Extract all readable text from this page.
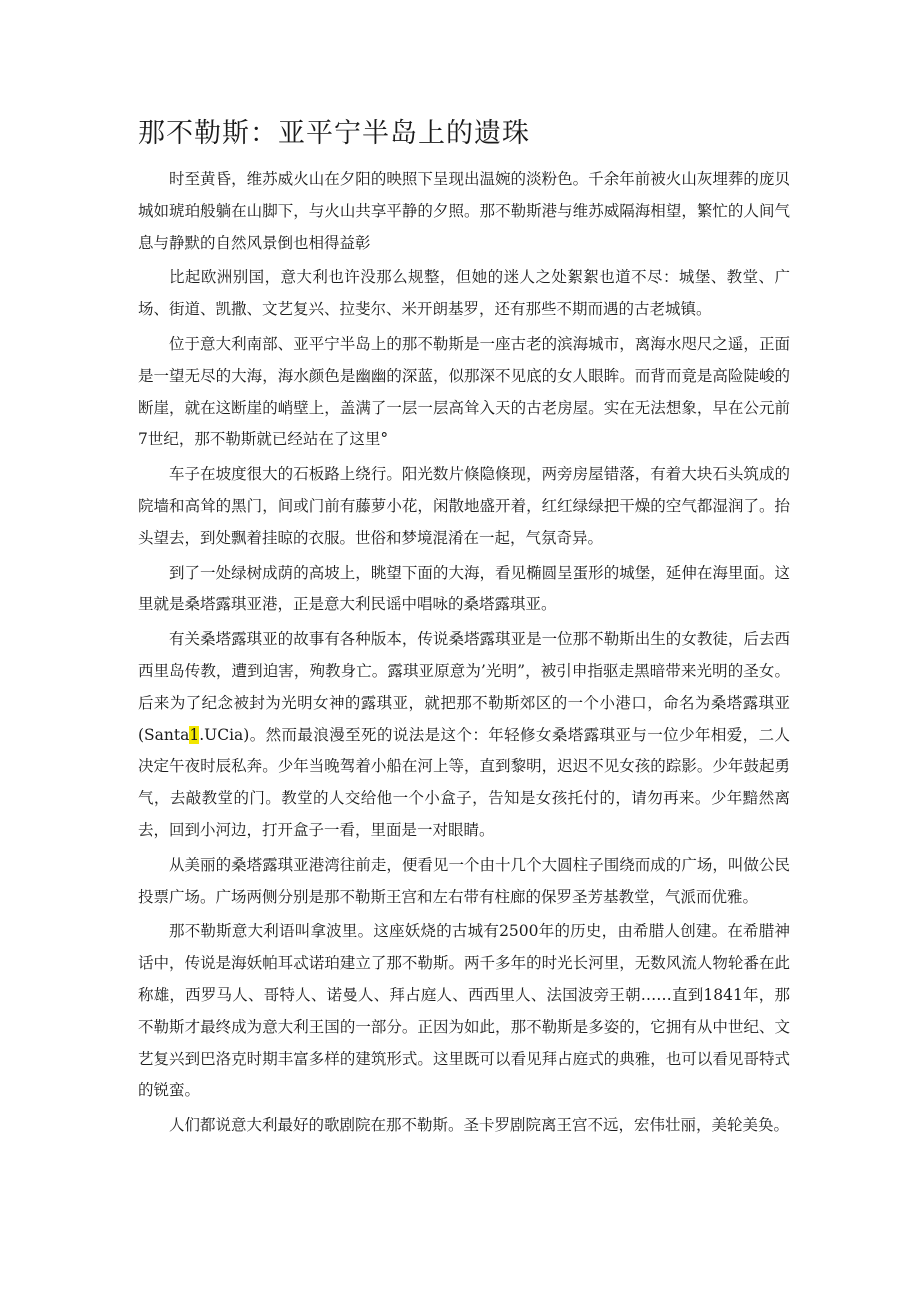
那不勒斯：亚平宁半岛上的遗珠

时至黄昏，维苏威火山在夕阳的映照下呈现出温婉的淡粉色。千余年前被火山灰埋葬的庞贝城如琥珀般躺在山脚下，与火山共享平静的夕照。那不勒斯港与维苏威隔海相望，繁忙的人间气息与静默的自然风景倒也相得益彰

比起欧洲别国，意大利也许没那么规整，但她的迷人之处絮絮也道不尽：城堡、教堂、广场、街道、凯撒、文艺复兴、拉斐尔、米开朗基罗，还有那些不期而遇的古老城镇。

位于意大利南部、亚平宁半岛上的那不勒斯是一座古老的滨海城市，离海水咫尺之遥，正面是一望无尽的大海，海水颜色是幽幽的深蓝，似那深不见底的女人眼眸。而背而竟是高险陡峻的断崖，就在这断崖的峭壁上，盖满了一层一层高耸入天的古老房屋。实在无法想象，早在公元前7世纪，那不勒斯就已经站在了这里°

车子在坡度很大的石板路上绕行。阳光数片倏隐倏现，两旁房屋错落，有着大块石头筑成的院墙和高耸的黑门，间或门前有藤萝小花，闲散地盛开着，红红绿绿把干燥的空气都湿润了。抬头望去，到处飘着挂晾的衣服。世俗和梦境混淆在一起，气氛奇异。

到了一处绿树成荫的高坡上，眺望下面的大海，看见椭圆呈蛋形的城堡，延伸在海里面。这里就是桑塔露琪亚港，正是意大利民谣中唱咏的桑塔露琪亚。

有关桑塔露琪亚的故事有各种版本，传说桑塔露琪亚是一位那不勒斯出生的女教徒，后去西西里岛传教，遭到迫害，殉教身亡。露琪亚原意为’光明”，被引申指驱走黑暗带来光明的圣女。后来为了纪念被封为光明女神的露琪亚，就把那不勒斯郊区的一个小港口，命名为桑塔露琪亚(Santa1.UCia)。然而最浪漫至死的说法是这个：年轻修女桑塔露琪亚与一位少年相爱，二人决定午夜时辰私奔。少年当晚驾着小船在河上等，直到黎明，迟迟不见女孩的踪影。少年鼓起勇气，去敲教堂的门。教堂的人交给他一个小盒子，告知是女孩托付的，请勿再来。少年黯然离去，回到小河边，打开盒子一看，里面是一对眼睛。

从美丽的桑塔露琪亚港湾往前走，便看见一个由十几个大圆柱子围绕而成的广场，叫做公民投票广场。广场两侧分别是那不勒斯王宫和左右带有柱廊的保罗圣芳基教堂，气派而优雅。

那不勒斯意大利语叫拿波里。这座妖烧的古城有2500年的历史，由希腊人创建。在希腊神话中，传说是海妖帕耳忒诺珀建立了那不勒斯。两千多年的时光长河里，无数风流人物轮番在此称雄，西罗马人、哥特人、诺曼人、拜占庭人、西西里人、法国波旁王朝……直到1841年，那不勒斯才最终成为意大利王国的一部分。正因为如此，那不勒斯是多姿的，它拥有从中世纪、文艺复兴到巴洛克时期丰富多样的建筑形式。这里既可以看见拜占庭式的典雅，也可以看见哥特式的锐蛮。

人们都说意大利最好的歌剧院在那不勒斯。圣卡罗剧院离王宫不远，宏伟壮丽，美轮美奂。
